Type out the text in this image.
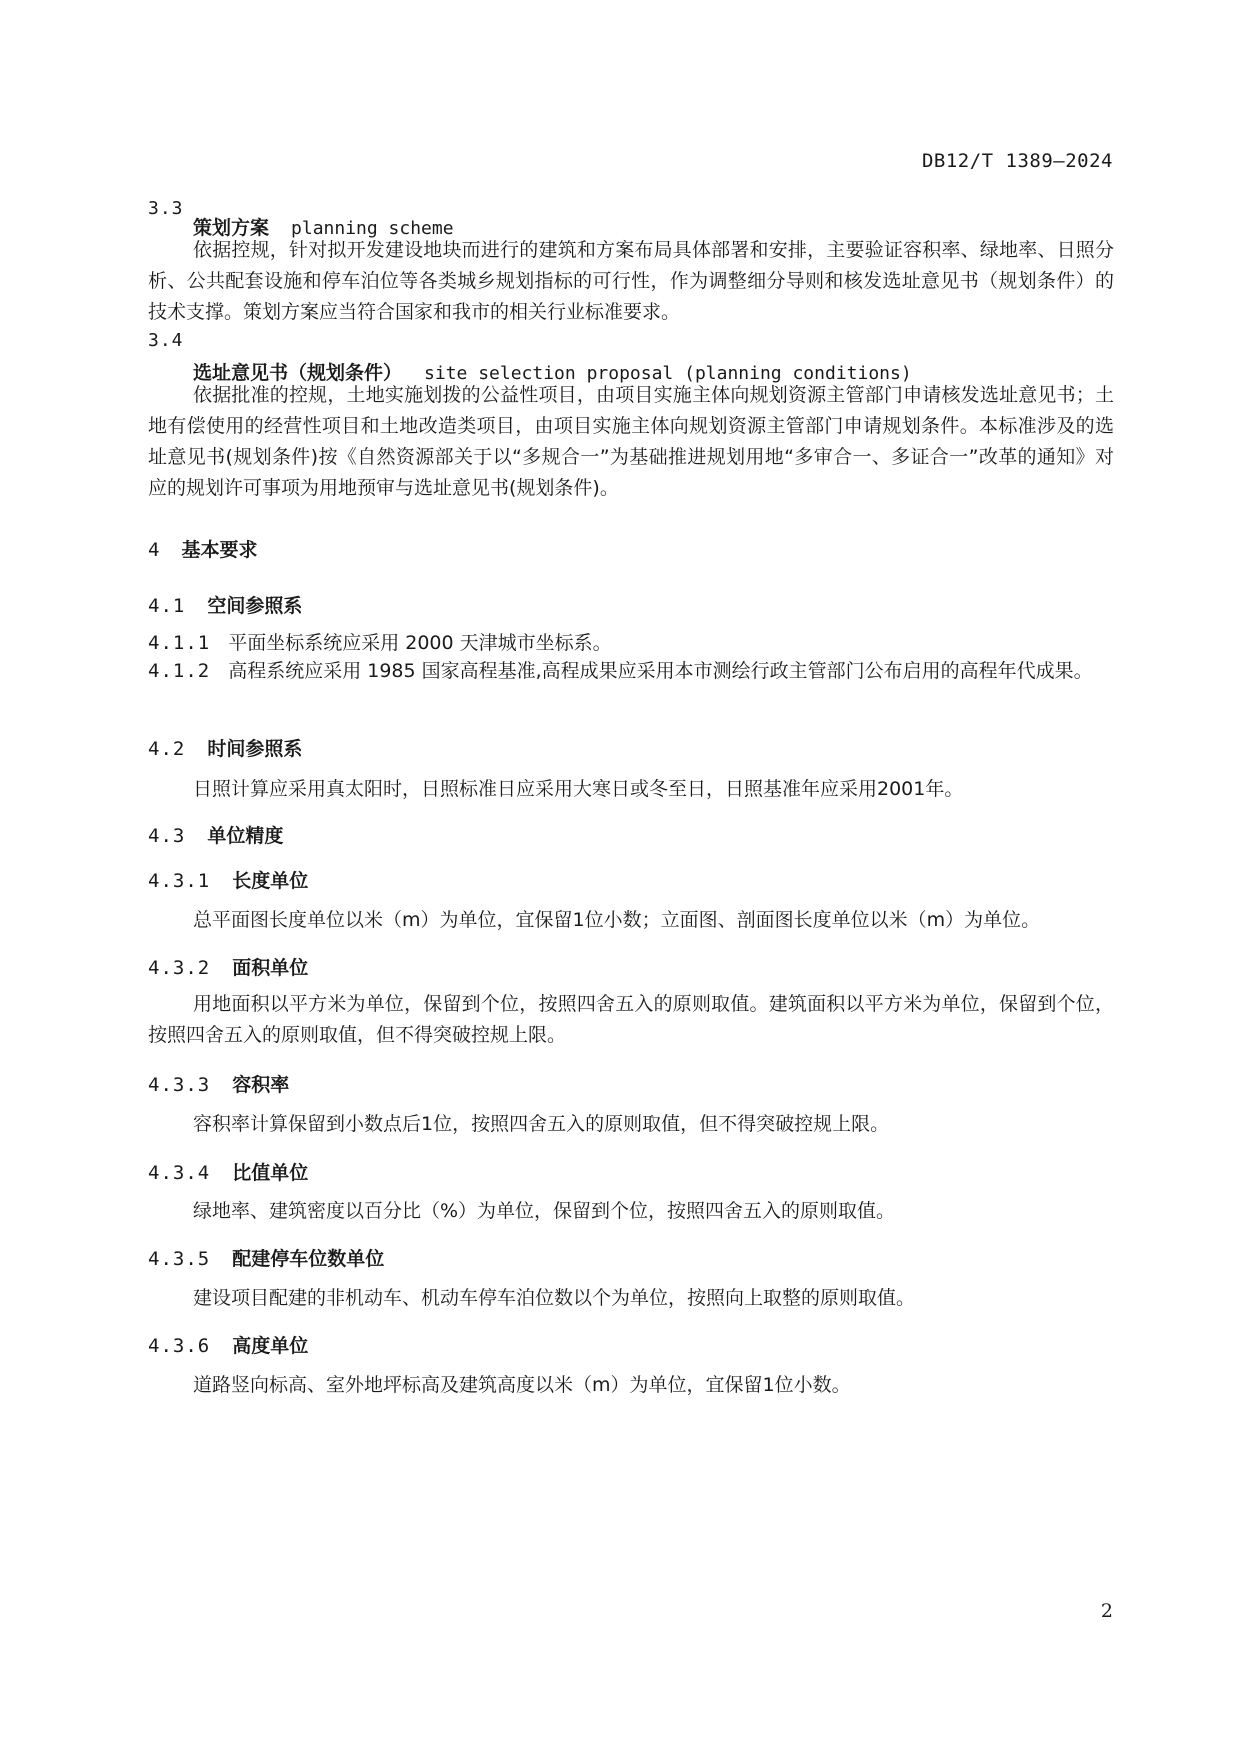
DB12/T 1389—2024
3.3
策划方案 planning scheme
依据控规，针对拟开发建设地块而进行的建筑和方案布局具体部署和安排，主要验证容积率、绿地率、日照分析、公共配套设施和停车泊位等各类城乡规划指标的可行性，作为调整细分导则和核发选址意见书（规划条件）的技术支撑。策划方案应当符合国家和我市的相关行业标准要求。
3.4
选址意见书（规划条件） site selection proposal (planning conditions)
依据批准的控规，土地实施划拨的公益性项目，由项目实施主体向规划资源主管部门申请核发选址意见书；土地有偿使用的经营性项目和土地改造类项目，由项目实施主体向规划资源主管部门申请规划条件。本标准涉及的选址意见书(规划条件)按《自然资源部关于以“多规合一”为基础推进规划用地“多审合一、多证合一”改革的通知》对应的规划许可事项为用地预审与选址意见书(规划条件)。
4 基本要求
4.1 空间参照系
4.1.1 平面坐标系统应采用 2000 天津城市坐标系。
4.1.2 高程系统应采用 1985 国家高程基准,高程成果应采用本市测绘行政主管部门公布启用的高程年代成果。
4.2 时间参照系
日照计算应采用真太阳时，日照标准日应采用大寒日或冬至日，日照基准年应采用2001年。
4.3 单位精度
4.3.1 长度单位
总平面图长度单位以米（m）为单位，宜保留1位小数；立面图、剖面图长度单位以米（m）为单位。
4.3.2 面积单位
用地面积以平方米为单位，保留到个位，按照四舍五入的原则取值。建筑面积以平方米为单位，保留到个位，按照四舍五入的原则取值，但不得突破控规上限。
4.3.3 容积率
容积率计算保留到小数点后1位，按照四舍五入的原则取值，但不得突破控规上限。
4.3.4 比值单位
绿地率、建筑密度以百分比（%）为单位，保留到个位，按照四舍五入的原则取值。
4.3.5 配建停车位数单位
建设项目配建的非机动车、机动车停车泊位数以个为单位，按照向上取整的原则取值。
4.3.6 高度单位
道路竖向标高、室外地坪标高及建筑高度以米（m）为单位，宜保留1位小数。
2
